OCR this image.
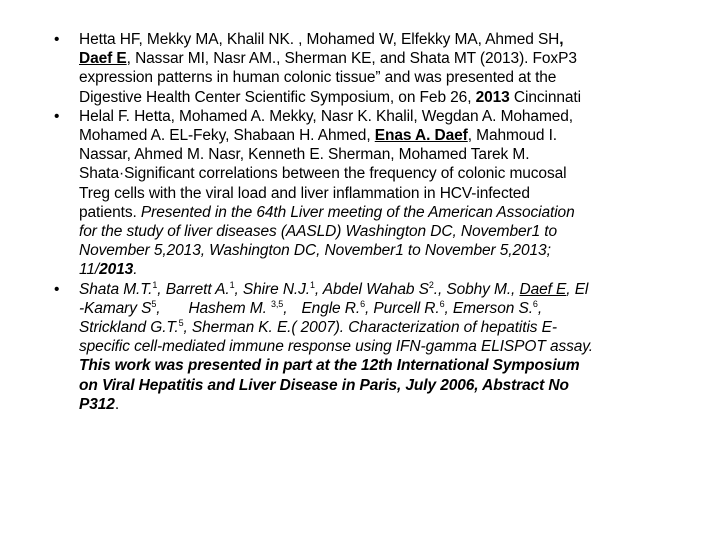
•	Hetta HF, Mekky MA, Khalil NK. , Mohamed W, Elfekky MA, Ahmed SH,
Daef E, Nassar MI, Nasr AM., Sherman KE, and Shata MT (2013). FoxP3
expression patterns in human colonic tissue” and was presented at the
Digestive Health Center Scientific Symposium, on Feb 26, 2013 Cincinnati
•	Helal F. Hetta, Mohamed A. Mekky, Nasr K. Khalil, Wegdan A. Mohamed,
Mohamed A. EL-Feky, Shabaan H. Ahmed, Enas A. Daef, Mahmoud I.
Nassar, Ahmed M. Nasr, Kenneth E. Sherman, Mohamed Tarek M.
Shata·Significant correlations between the frequency of colonic mucosal
Treg cells with the viral load and liver inflammation in HCV-infected
patients. Presented in the 64th Liver meeting of the American Association
for the study of liver diseases (AASLD) Washington DC, November1 to
November 5,2013, Washington DC, November1 to November 5,2013;
11/2013.
•	Shata M.T.$^1$, Barrett A.$^1$, Shire N.J.$^1$, Abdel Wahab $S^2$., Sobhy M., Daef E, El
-Kamary $S^5$, Hashem M. $^{3,5}$, Engle R.$^6$, Purcell R.$^6$, Emerson S.$^6$,
Strickland G.T.$^5$, Sherman K. E.( 2007). Characterization of hepatitis E-
specific cell-mediated immune response using IFN-gamma ELISPOT assay.
This work was presented in part at the 12th International Symposium
on Viral Hepatitis and Liver Disease in Paris, July 2006, Abstract No
P312.
